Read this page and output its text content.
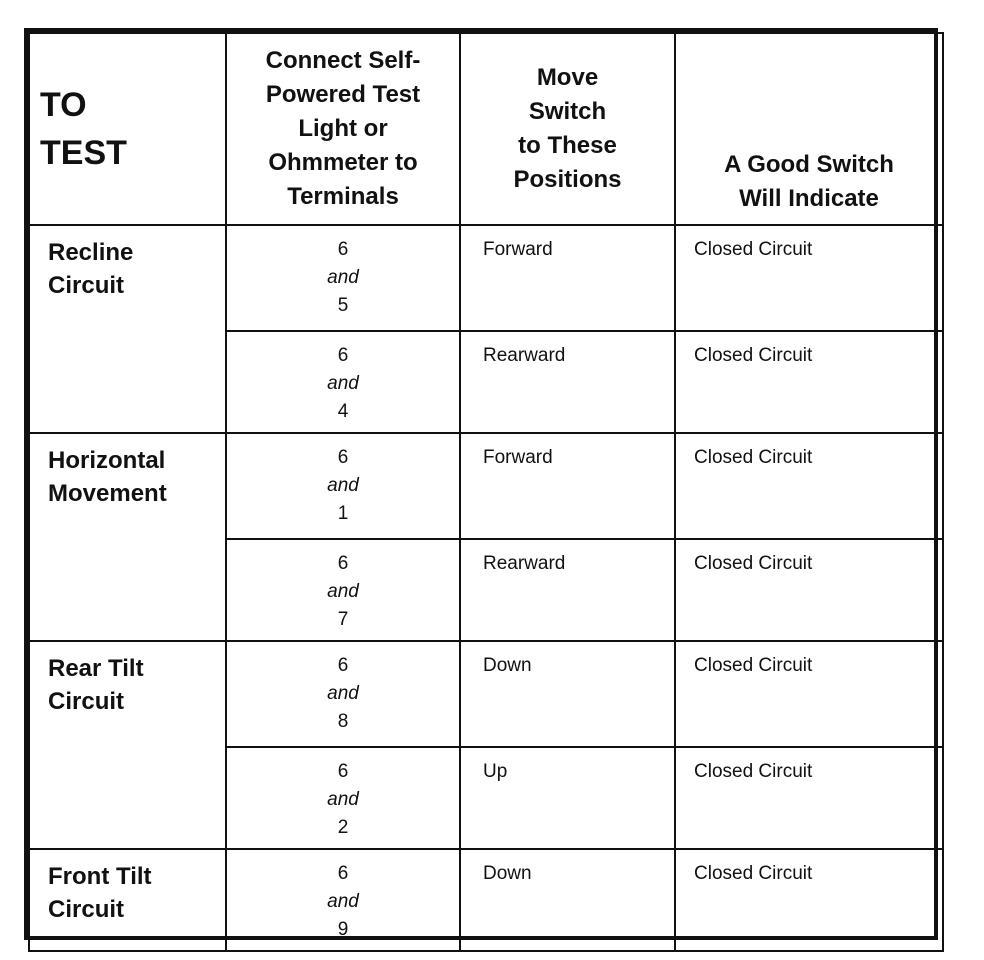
TO
TEST	Connect Self-
Powered Test
Light or
Ohmmeter to
Terminals	Move
Switch
to These
Positions	A Good Switch
Will Indicate

Recline
Circuit	6
and
5	Forward	Closed Circuit

	6
and
4	Rearward	Closed Circuit

Horizontal
Movement	6
and
1	Forward	Closed Circuit

	6
and
7	Rearward	Closed Circuit

Rear Tilt
Circuit	6
and
8	Down	Closed Circuit

	6
and
2	Up	Closed Circuit

Front Tilt
Circuit	6
and
9	Down	Closed Circuit
